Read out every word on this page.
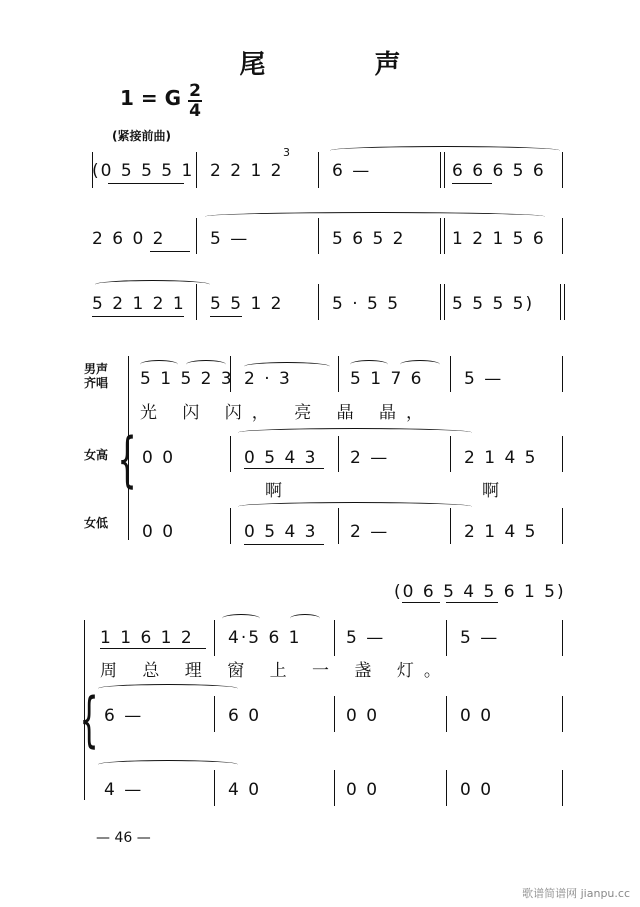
尾 声
1 = G 2
4
(紧接前曲)
(0 5 5 5 1 2 2 1 2
3
6 —	6 6 6 5 6
2 6 0 2	5 —	5 6 5 2	1 2 1 5 6
5 2 1 2 1 5 5 1 2	5 · 5 5	5 5 5 5)
男声
齐唱 5 1 5 2 3 2 · 3	5 1 7 6 5 —
光 闪 闪， 亮 晶 晶，
女高 { 0 0	0 5 4 3 2 —	2 1 4 5
啊	啊
女低 0 0	0 5 4 3 2 —	2 1 4 5
(0 6 5 4 5 6 1 5)
1 1 6 1 2 4·5 6 1	5 —	5 —
周 总 理 窗 上 一 盏 灯。
{ 6 —	6 0	0 0	0 0
4 —	4 0	0 0	0 0
— 46 —
歌谱简谱网 jianpu.cc
